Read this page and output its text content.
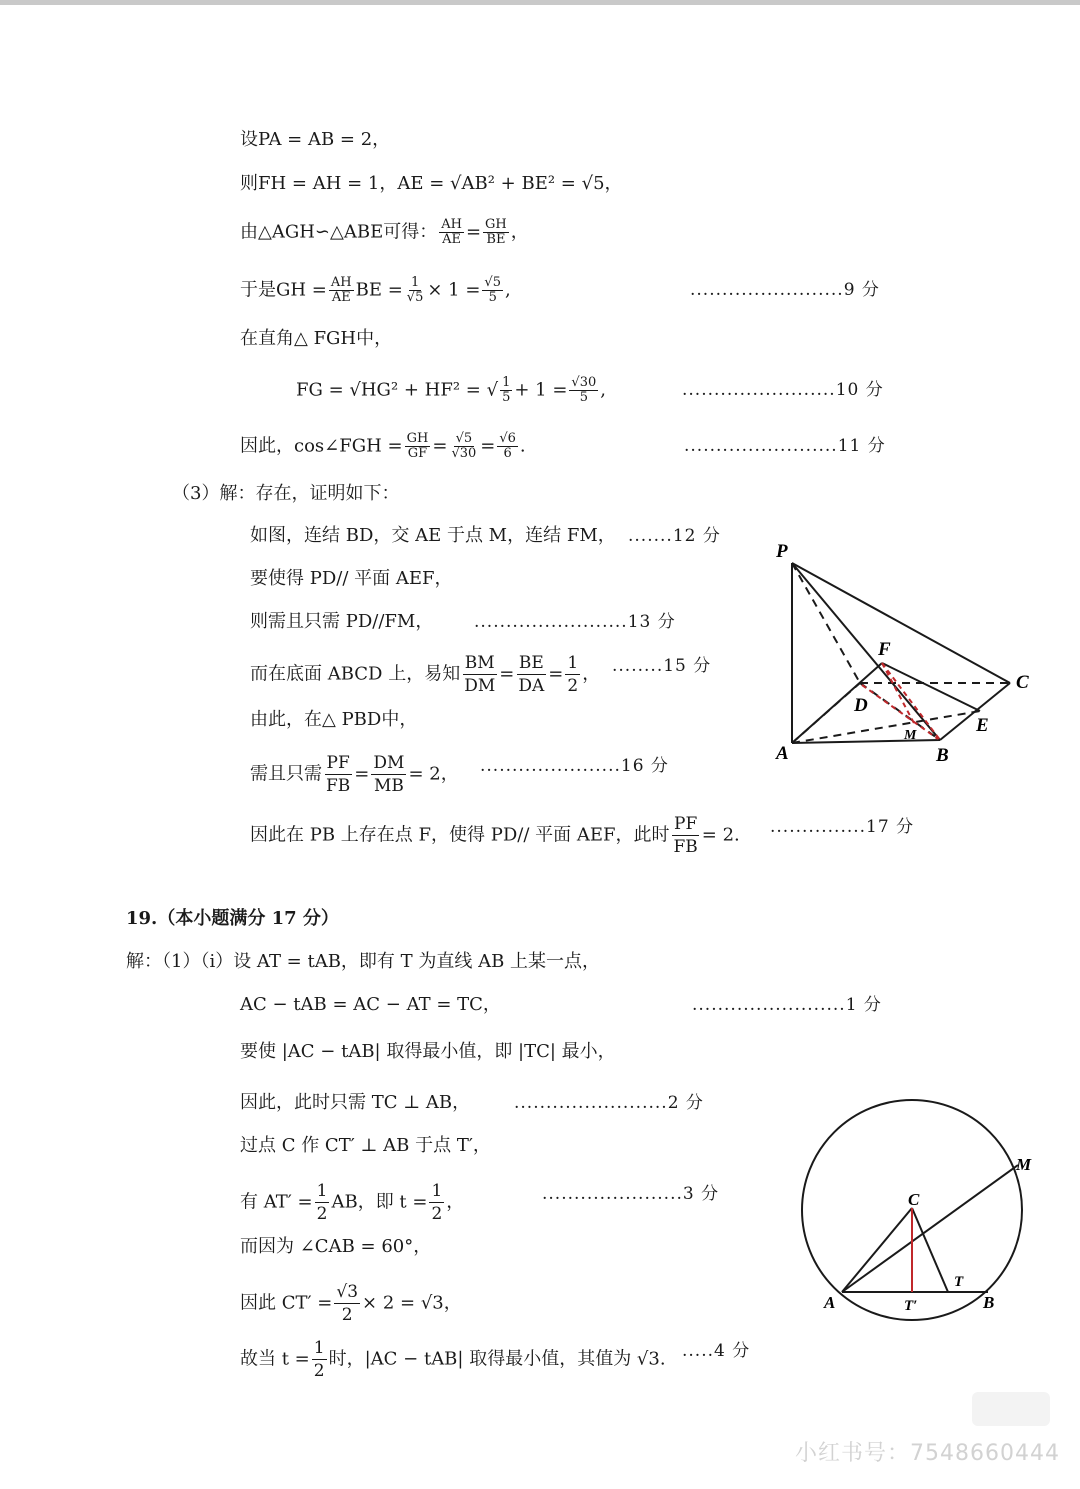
设PA = AB = 2，
则FH = AH = 1，AE = √AB² + BE² = √5，
由△AGH∽△ABE可得： $\frac{AH}{AE} = \frac{GH}{BE}$ ，
于是GH = $\frac{AH}{AE}$ BE = $\frac{1}{√5} \times 1 = \frac{√5}{5}$ ,	........................9 分
在直角△ FGH中，
FG = √HG² + HF² = √ $\frac{1}{5} + 1 = \frac{√30}{5}$ ,	........................10 分
因此，cos∠FGH = $\frac{GH}{GF} = \frac{√5}{√30} = \frac{√6}{6}$ .	........................11 分
（3）解：存在，证明如下：
如图，连结 BD，交 AE 于点 M，连结 FM， .......12 分
要使得 PD// 平面 AEF，
则需且只需 PD//FM， ........................13 分
而在底面 ABCD 上，易知 $\frac{BM}{DM} = \frac{BE}{DA} = \frac{1}{2}$ ， ........15 分
由此，在△ PBD中，
需且只需 $\frac{PF}{FB} = \frac{DM}{MB} = 2$， ......................16 分
因此在 PB 上存在点 F，使得 PD// 平面 AEF，此时 $\frac{PF}{FB} = 2$. ...............17 分
P
F
C
D
E
M
A	B
19.（本小题满分 17 分）
解：（1）（i）设 AT = tAB，即有 T 为直线 AB 上某一点，
AC − tAB = AC − AT = TC，	........................1 分
要使 |AC − tAB| 取得最小值，即 |TC| 最小，
因此，此时只需 TC ⊥ AB，	........................2 分
过点 C 作 CT′ ⊥ AB 于点 T′，
有 $AT' = \frac{1}{2}$ AB，即 $t = \frac{1}{2}$ ，	......................3 分
而因为 ∠CAB = 60°，
因此 $CT' = \frac{√3}{2} \times 2 = √3$，
故当 $t = \frac{1}{2}$ 时，|AC − tAB| 取得最小值，其值为 √3. .....4 分
M
C
T
A	T′	B
小红书号：7548660444
